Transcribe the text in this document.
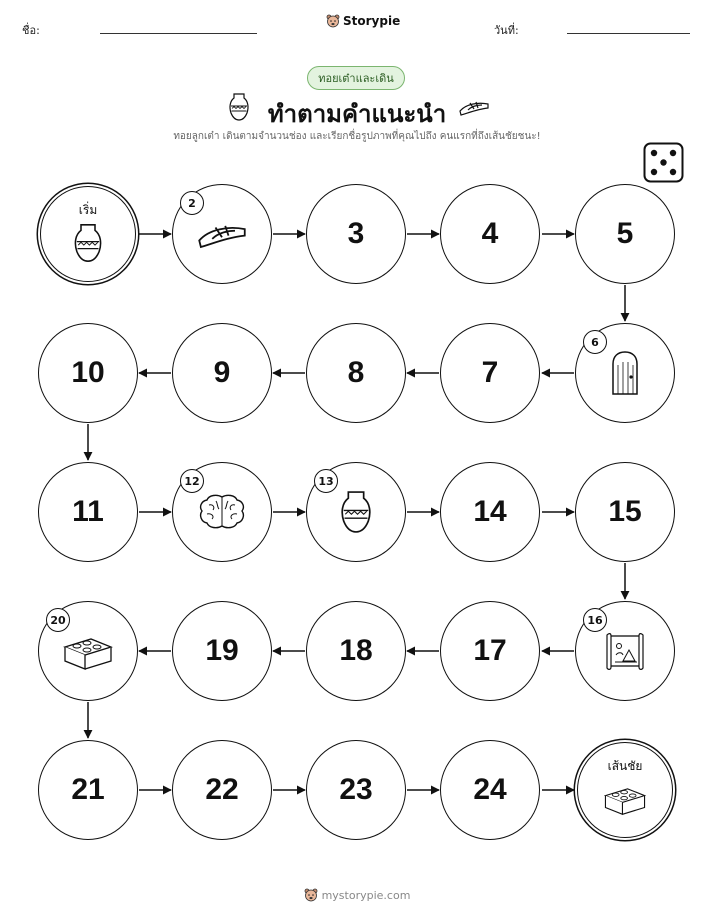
ชื่อ:
Storypie
วันที่:
ทอยเต๋าและเดิน
ทำตามคำแนะนำ
ทอยลูกเต๋า เดินตามจำนวนช่อง และเรียกชื่อรูปภาพที่คุณไปถึง คนแรกที่ถึงเส้นชัยชนะ!
เริ่ม	2
3	4	5
6
7
8
9
10
11
12	13
14	15
16
17
18
19
20
21	22	23	24
เส้นชัย
mystorypie.com
